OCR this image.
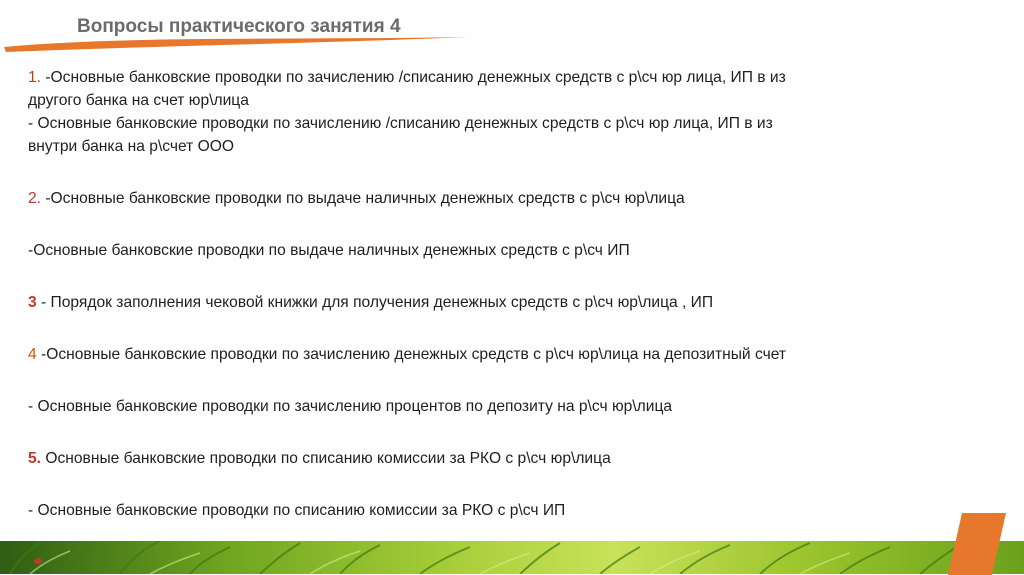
Вопросы практического занятия 4

1. -Основные банковские проводки по зачислению /списанию денежных средств с р\сч юр лица, ИП в из

другого банка на счет юр\лица

- Основные банковские проводки по зачислению /списанию денежных средств с р\сч юр лица, ИП в из

внутри банка на р\счет ООО

2. -Основные банковские проводки по выдаче наличных денежных средств с р\сч юр\лица

-Основные банковские проводки по выдаче наличных денежных средств с р\сч ИП

3 - Порядок заполнения чековой книжки для получения денежных средств с р\сч юр\лица , ИП

4 -Основные банковские проводки по зачислению денежных средств с р\сч юр\лица на депозитный счет

- Основные банковские проводки по зачислению процентов по депозиту на р\сч юр\лица

5. Основные банковские проводки по списанию комиссии за РКО с р\сч юр\лица

- Основные банковские проводки по списанию комиссии за РКО с р\сч ИП
